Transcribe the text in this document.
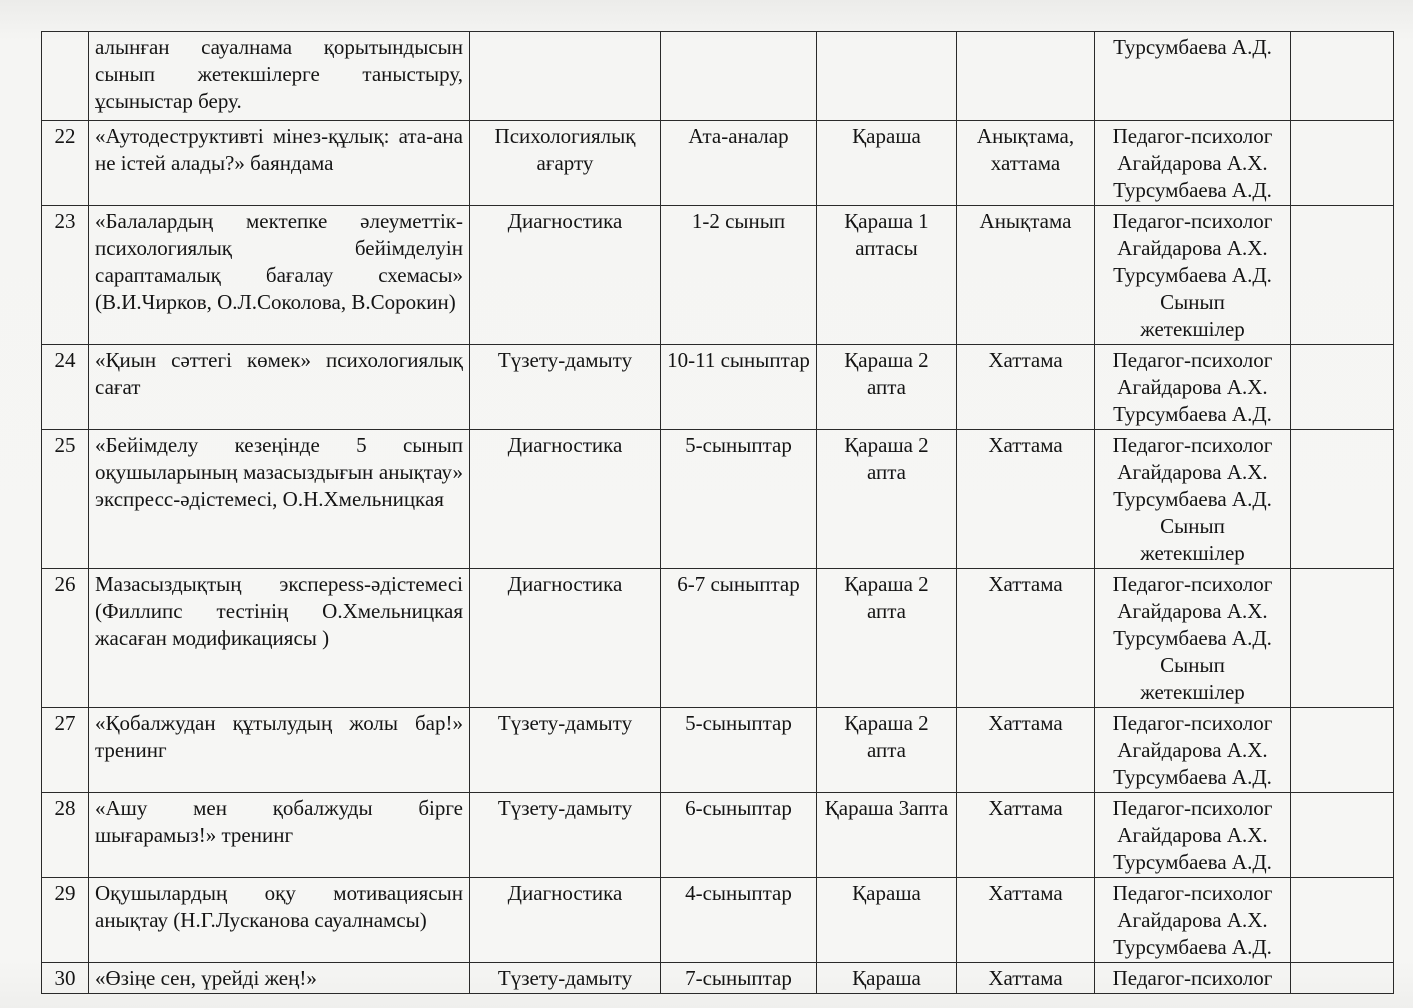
	алынған сауалнама қорытындысын сынып жетекшілерге таныстыру, ұсыныстар беру.					Турсумбаева А.Д.	

22	«Аутодеструктивті мінез-құлық: ата-ана не істей алады?» баяндама	Психологиялық ағарту	Ата-аналар	Қараша	Анықтама, хаттама	Педагог-психолог
Агайдарова А.Х.
Турсумбаева А.Д.	

23	«Балалардың мектепке әлеуметтік-психологиялық бейімделуін сараптамалық бағалау схемасы» (В.И.Чирков, О.Л.Соколова, В.Сорокин)	Диагностика	1-2 сынып	Қараша 1 аптасы	Анықтама	Педагог-психолог
Агайдарова А.Х.
Турсумбаева А.Д.
Сынып
жетекшілер	

24	«Қиын сәттегі көмек» психологиялық сағат	Түзету-дамыту	10-11 сыныптар	Қараша 2 апта	Хаттама	Педагог-психолог
Агайдарова А.Х.
Турсумбаева А.Д.	

25	«Бейімделу кезеңінде 5 сынып оқушыларының мазасыздығын анықтау» экспресс-әдістемесі, О.Н.Хмельницкая	Диагностика	5-сыныптар	Қараша 2 апта	Хаттама	Педагог-психолог
Агайдарова А.Х.
Турсумбаева А.Д.
Сынып
жетекшілер	

26	Мазасыздықтың эксперess-әдістемесі (Филлипс тестінің О.Хмельницкая жасаған модификациясы )	Диагностика	6-7 сыныптар	Қараша 2 апта	Хаттама	Педагог-психолог
Агайдарова А.Х.
Турсумбаева А.Д.
Сынып
жетекшілер	

27	«Қобалжудан құтылудың жолы бар!» тренинг	Түзету-дамыту	5-сыныптар	Қараша 2 апта	Хаттама	Педагог-психолог
Агайдарова А.Х.
Турсумбаева А.Д.	

28	«Ашу мен қобалжуды бірге шығарамыз!» тренинг	Түзету-дамыту	6-сыныптар	Қараша 3апта	Хаттама	Педагог-психолог
Агайдарова А.Х.
Турсумбаева А.Д.	

29	Оқушылардың оқу мотивациясын анықтау (Н.Г.Лусканова сауалнамсы)	Диагностика	4-сыныптар	Қараша	Хаттама	Педагог-психолог
Агайдарова А.Х.
Турсумбаева А.Д.	

30	«Өзіңе сен, үрейді жең!»	Түзету-дамыту	7-сыныптар	Қараша	Хаттама	Педагог-психолог	
